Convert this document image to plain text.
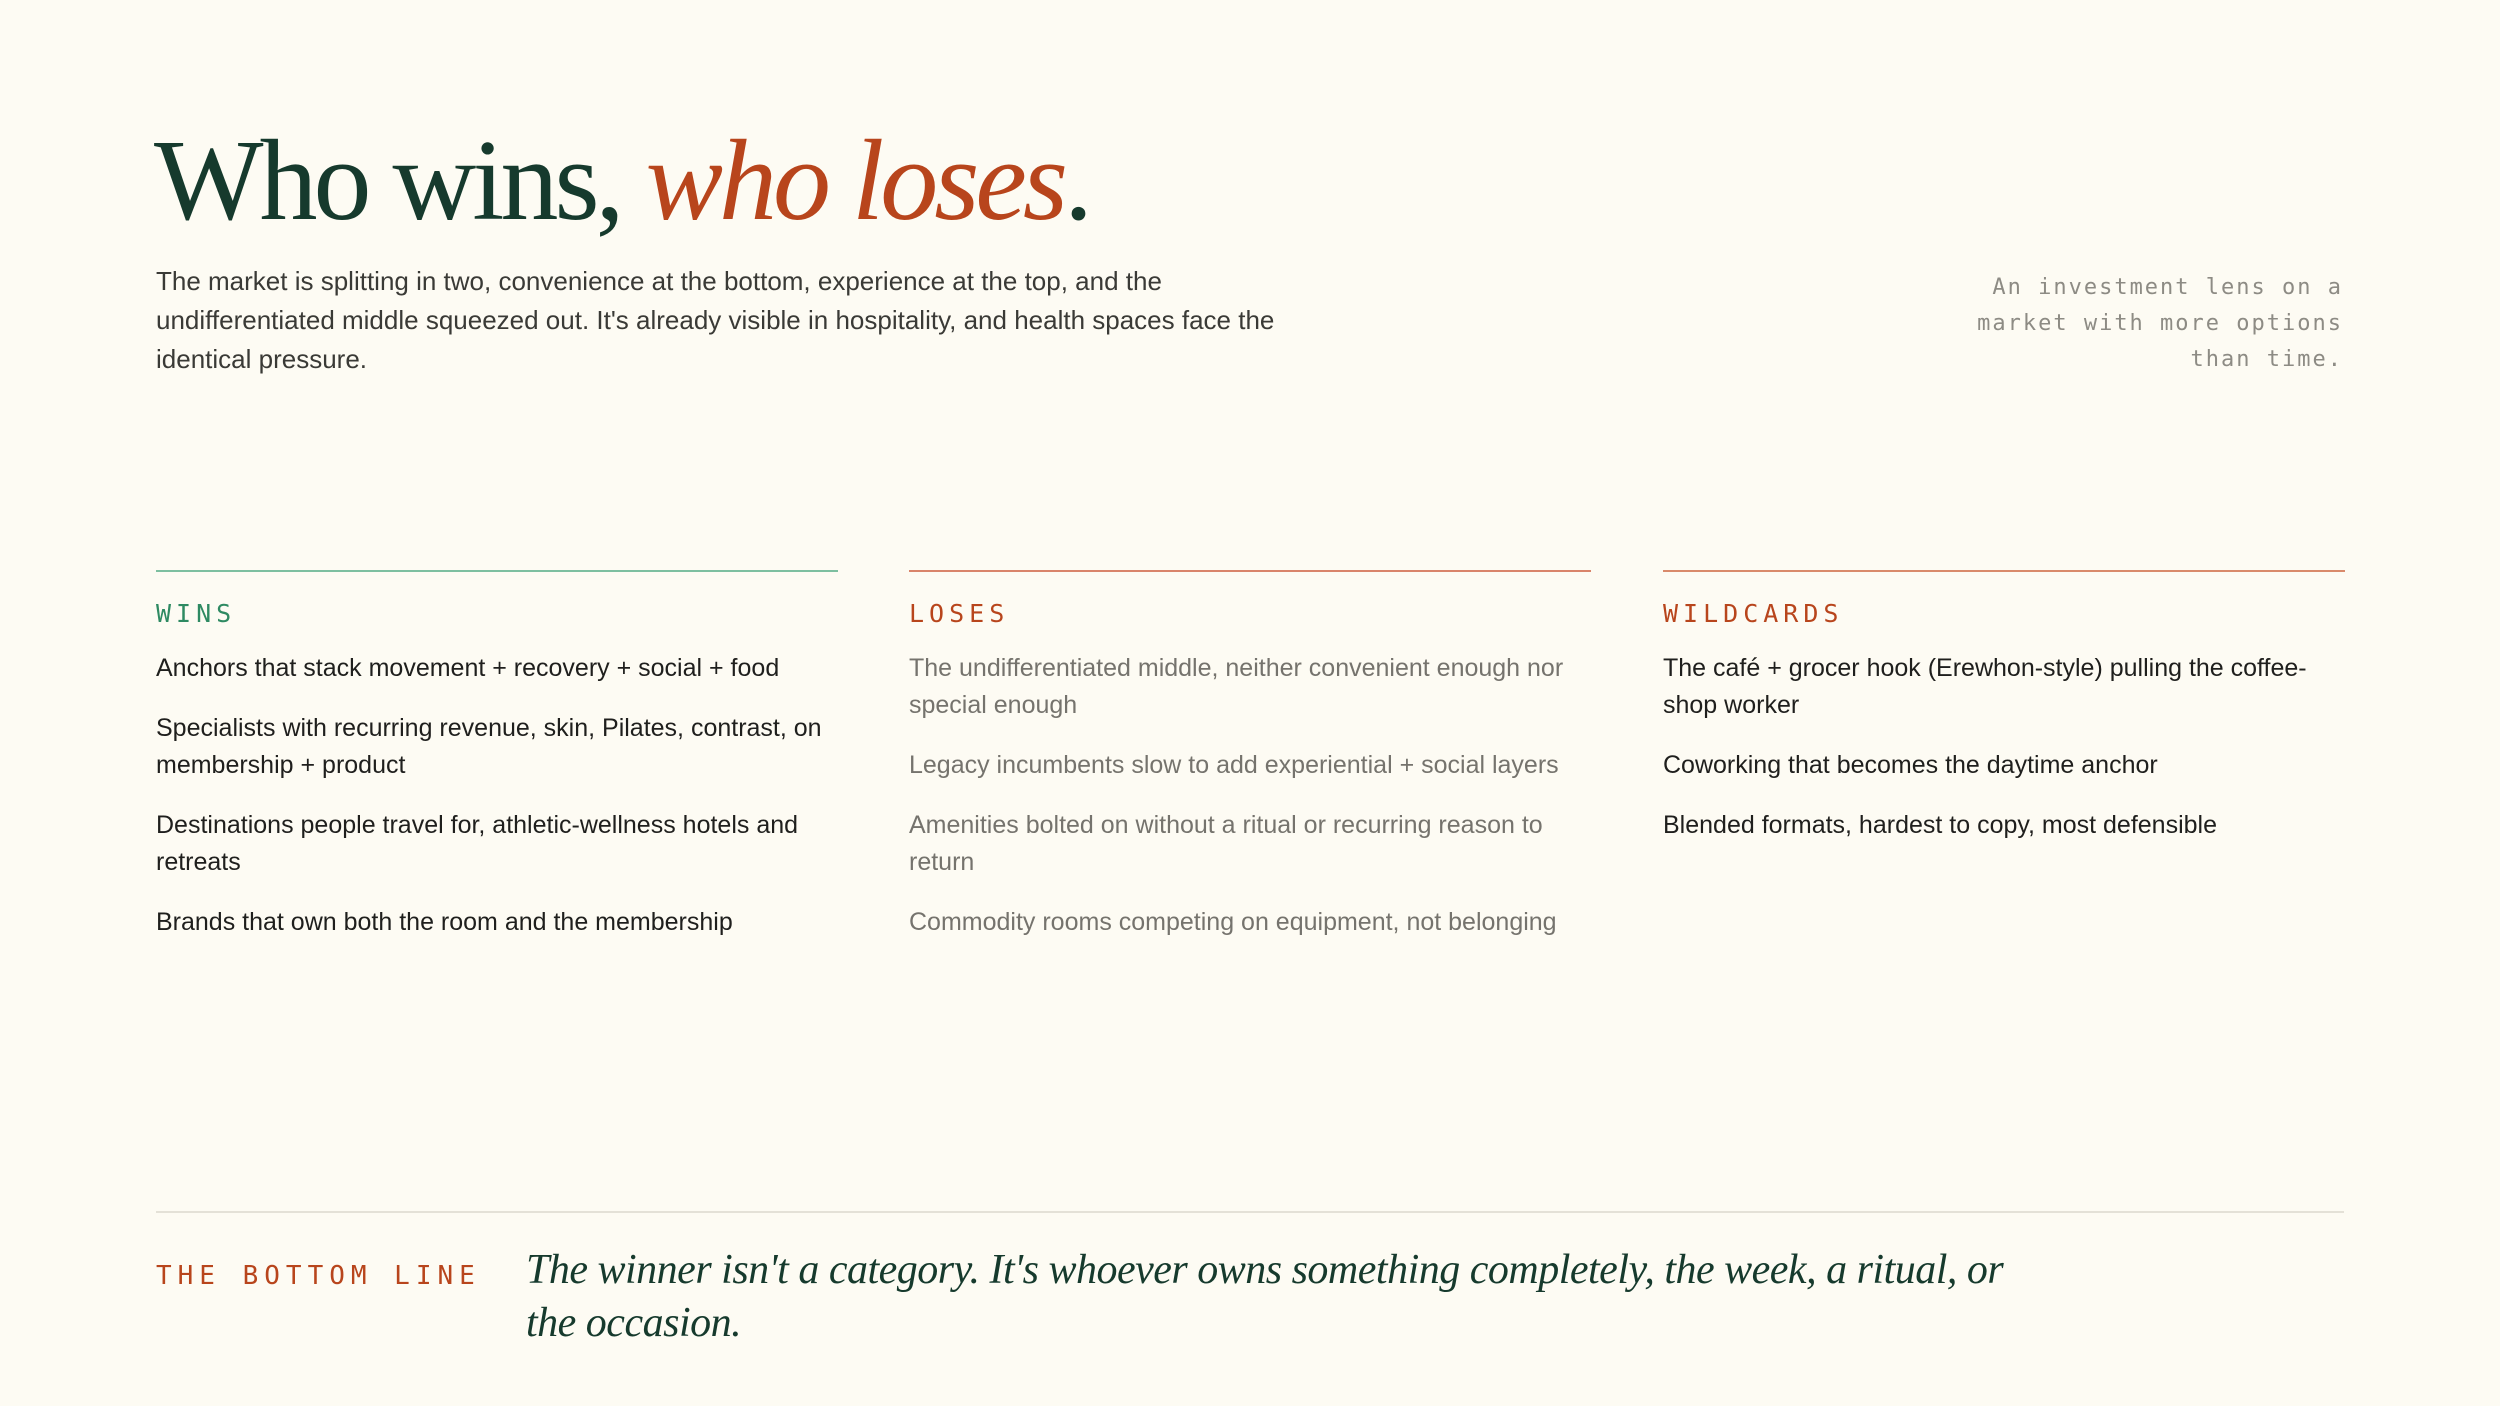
Who wins, who loses.

The market is splitting in two, convenience at the bottom, experience at the top, and the undifferentiated middle squeezed out. It's already visible in hospitality, and health spaces face the identical pressure.

An investment lens on a market with more options than time.

WINS
Anchors that stack movement + recovery + social + food
Specialists with recurring revenue, skin, Pilates, contrast, on membership + product
Destinations people travel for, athletic-wellness hotels and retreats
Brands that own both the room and the membership
LOSES
The undifferentiated middle, neither convenient enough nor special enough
Legacy incumbents slow to add experiential + social layers
Amenities bolted on without a ritual or recurring reason to return
Commodity rooms competing on equipment, not belonging
WILDCARDS
The café + grocer hook (Erewhon-style) pulling the coffee-shop worker
Coworking that becomes the daytime anchor
Blended formats, hardest to copy, most defensible
THE BOTTOM LINE The winner isn't a category. It's whoever owns something completely, the week, a ritual, or the occasion.
